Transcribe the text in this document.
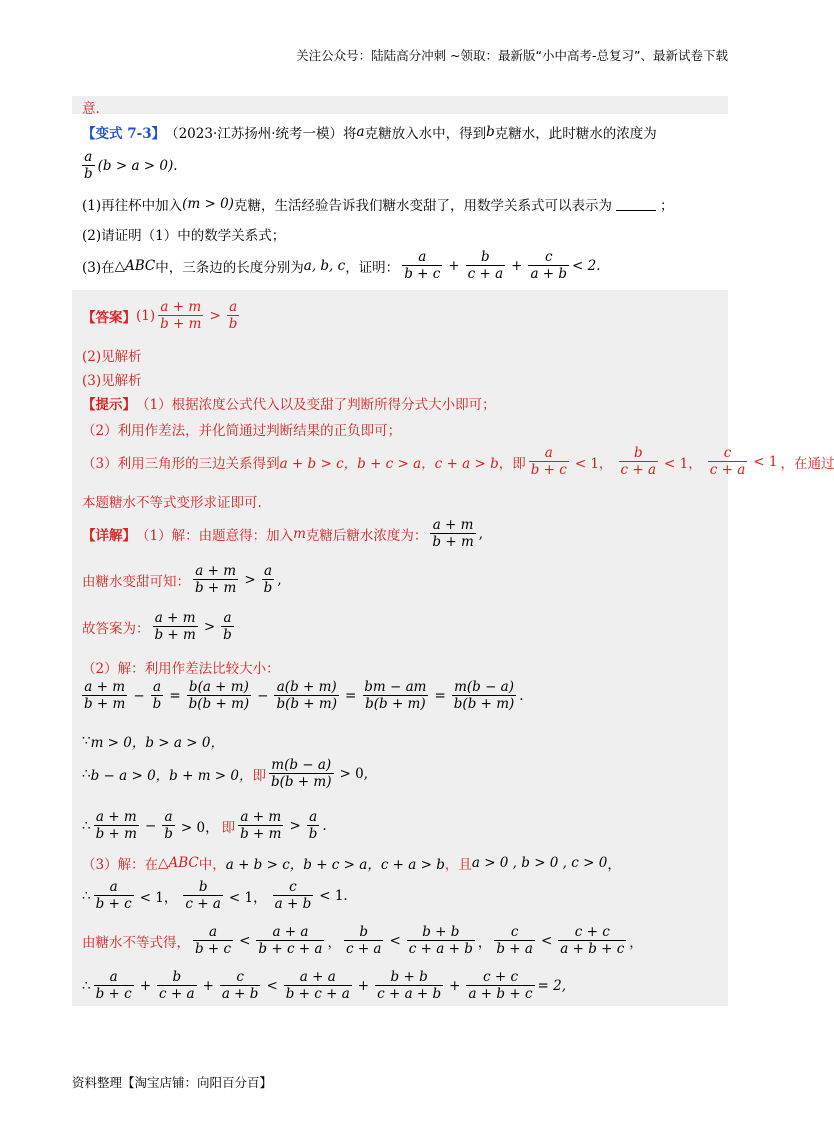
关注公众号：陆陆高分冲刺 ~领取：最新版“小中高考-总复习”、最新试卷下载
意.
【变式 7-3】 （2023·江苏扬州·统考一模） 将 a 克糖放入水中，得到 b 克糖水，此时糖水的浓度为
$\frac{a}{b} (b > a > 0)$.
(1)再往杯中加入 (m > 0) 克糖，生活经验告诉我们糖水变甜了，用数学关系式可以表示为	；
(2)请证明（1）中的数学关系式；
(3)在 △ABC 中，三条边的长度分别为 a, b, c ，证明： $\frac{a}{b + c} + \frac{b}{c + a} + \frac{c}{a + b} < 2$.
【答案】 $(1) \frac{a + m}{b + m} > \frac{a}{b}$
(2)见解析
(3)见解析
【提示】 （1）根据浓度公式代入以及变甜了判断所得分式大小即可；
（2）利用作差法，并化简通过判断结果的正负即可；
（3）利用三角形的三边关系得到 a + b > c，b + c > a，c + a > b ，即 $\frac{a}{b + c} < 1$， $\frac{b}{c + a} < 1$， $\frac{c}{c + a} < 1$ ，在通过
本题糖水不等式变形求证即可.
【详解】 （1）解：由题意得：加入 m 克糖后糖水浓度为： $\frac{a + m}{b + m}$ ,
由糖水变甜可知： $\frac{a + m}{b + m} > \frac{a}{b}$ ,
故答案为： $\frac{a + m}{b + m} > \frac{a}{b}$
（2）解：利用作差法比较大小：
$\frac{a + m}{b + m} - \frac{a}{b} = \frac{b(a + m)}{b(b + m)} - \frac{a(b + m)}{b(b + m)} = \frac{bm - am}{b(b + m)} = \frac{m(b - a)}{b(b + m)}$ .
∵ m > 0，b > a > 0，
∴ b − a > 0，b + m > 0， 即 $\frac{m(b - a)}{b(b + m)} > 0$,
∴ $\frac{a + m}{b + m} - \frac{a}{b} > 0$， 即 $\frac{a + m}{b + m} > \frac{a}{b}$ .
（3）解：在 △ABC 中， a + b > c，b + c > a，c + a > b ，且 a > 0 , b > 0 , c > 0 ，
∴ $\frac{a}{b + c} < 1$， $\frac{b}{c + a} < 1$， $\frac{c}{a + b} < 1$.
由糖水不等式得， $\frac{a}{b + c} < \frac{a + a}{b + c + a}$ ， $\frac{b}{c + a} < \frac{b + b}{c + a + b}$ ， $\frac{c}{b + a} < \frac{c + c}{a + b + c}$ ，
∴ $\frac{a}{b + c} + \frac{b}{c + a} + \frac{c}{a + b} < \frac{a + a}{b + c + a} + \frac{b + b}{c + a + b} + \frac{c + c}{a + b + c} = 2$,
资料整理【淘宝店铺：向阳百分百】
